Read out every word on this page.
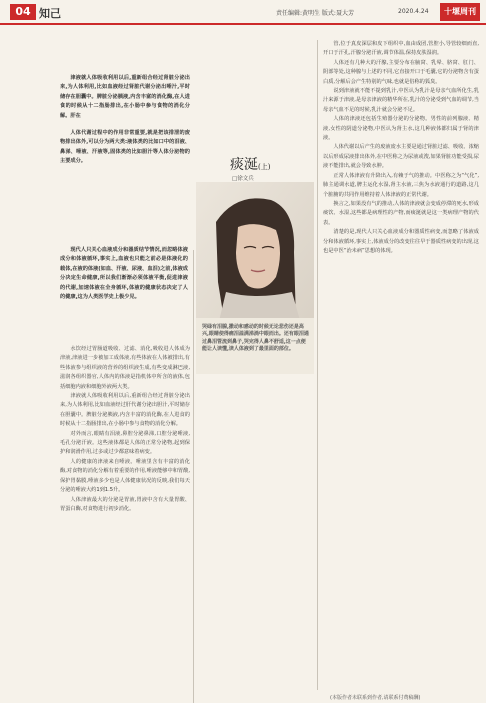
04 知己	责任编辑:黄明生 版式:聂大芳	2020.4.24	十堰周刊

津液就人体吸收利用以后,重新组合经过肾脏分泌出来,为人体利用,比如血液经过肾脏代谢分泌出唾汁,平时储存在胆囊中。脾脏分泌胰液,内含丰富的消化酶,在人进食的时候从十二指肠排出,在小肠中参与食物的消化分解。肝在

人体代谢过程中的作用非常重要,就是把该排泄的废物排出体外,可以分为两大类:液体类的比如口中的泪液、鼻涕、唾液、汗液等,固体类的比如胆汁等人体分泌物的主要成分。

现代人只关心血液成分和器质结节情况,而忽略体液成分和体液循环,事实上,血液也只能之前必是体液化的载体,在液的体液(如血、汗液、尿液、血泪)之前,体液成分决定生命健康,所以我们渐渐必须体液平衡,促进津液的代谢,加速体液在全身循环,体液的健康状态决定了人的健康,这为人类医学史上极少见。

水饮经过胃肠道吸收、过滤、消化,吸收进人体成为津液,津液进一步被加工成体液,有些体液在人体被排出,有些体液参与组织液的营养的组织液生成,有些变成淋巴液,滋润各组织器官,人体内的体液是指机体中所含的液体,包括细胞内液和细胞外液两大类。

津液就人体吸收利用以后,重新组合经过肾脏分泌出来,为人体利用,比如血液经过肝代谢分泌出胆汁,平时储存在胆囊中。脾脏分泌胰液,内含丰富的消化酶,在人进食的时候从十二指肠排出,在小肠中参与食物的消化分解。

对外而言,眼睛有泪液,鼻腔分泌鼻涕,口腔分泌唾液,毛孔分泌汗液。这些液体都是人体的正常分泌物,起到保护和润滑作用,过多或过少都意味着病变。

人的健康的津液来自唾液。唾液里含有丰富的消化酶,对食物的消化分解有着重要的作用,唾液能够中和胃酸,保护胃黏膜,唾液多少也是人体健康状况的反映,我们每天分泌的唾液大约1到1.5升。

人体津液最大的分泌是胃液,胃液中含有大量胃酸、胃蛋白酶,对食物进行初步消化。

痰涎(上)
□徐文兵
哭碌有泪腺,撒动和感动的时候无论悲伤还是高兴,眼睛使得痛泪溢满涕淌中眼而出。还有眼泪通过鼻泪管流到鼻子,哭完得人鼻不舒适,这一点便能让人读懂,读人体液到了最里面的部位。

管,位于真皮深层和皮下组织中,血由成团,管腔小,导管较细而直,开口于汗孔,汗腺分泌汗液,调节体温,保持皮肤湿润。

人体还有几种大的汗腺,主要分布在腋窝、乳晕、脐窝、肛门、阴部等处,这种腺与上述的不同,它直接开口于毛囊,它的分泌物含有蛋白质,分解后会产生特别的气味,也就是俗称的狐臭。

说到津液就不能不提到乳汁,中医认为乳汁是母亲气血所化生,乳汁来源于津液,是母亲津液的精华所在,乳汁的分泌受到气血的调节,当母亲气血不足的时候,乳汁就会分泌不足。

人体的津液还包括生殖器分泌的分泌物。男性的前列腺液、精液,女性的阴道分泌物,中医认为肾主水,这几种液体都归属于肾的津液。

人体代谢以后产生的废液废水主要是通过肾脏过滤、吸收、浓缩以后形成尿液排出体外,在中医称之为尿液或溲,如果肾脏功能受损,尿液不能排出,就会导致水肿。

正常人体津液有升降出入,有赖于气的推动。中医称之为“气化”,肺主通调水道,脾主运化水湿,肾主水液,三焦为水液通行的道路,这几个脏腑的共同作用维持着人体津液的正常代谢。

换言之,如果没有气的推动,人体的津液就会变成停滞的死水,形成痰饮、水湿,这些都是病理性的产物,而痰涎就是这一类病理产物的代表。

清楚的是,现代人只关心血液成分和器质性病变,而忽略了体液成分和体液循环,事实上,体液成分的改变往往早于器质性病变的出现,这也是中医“治未病”思想的体现。

(本版作者未联系到作者,请联系付费稿酬)
